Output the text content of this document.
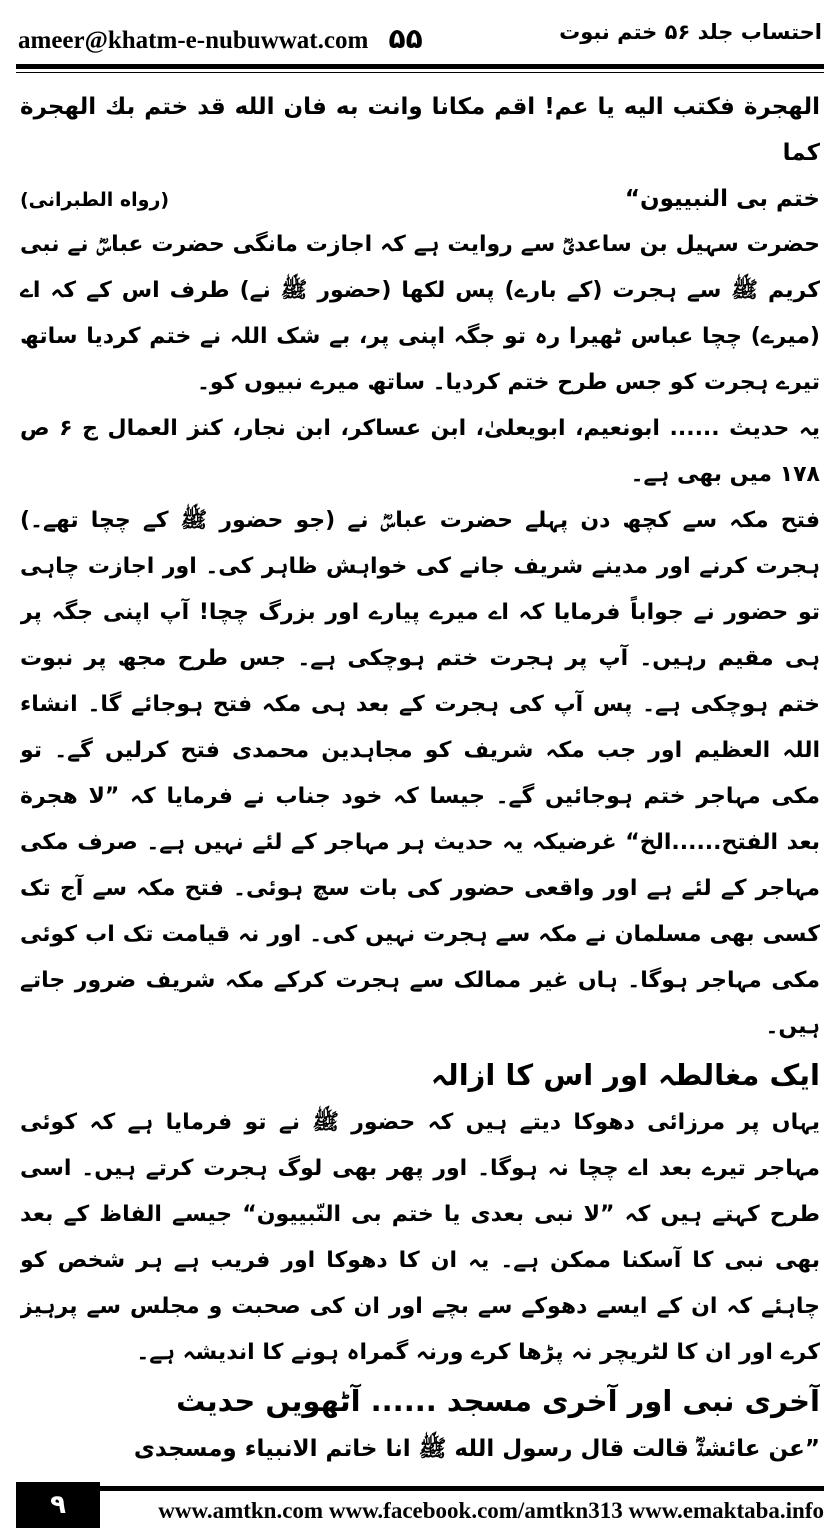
ameer@khatm-e-nubuwwat.com ۵۵	احتساب جلد ۵۶ ختم نبوت

الهجرة فكتب اليه يا عم! اقم مكانا وانت به فان الله قد ختم بك الهجرة كما

ختم بی النبییون“
(رواه الطبرانی)

حضرت سہیل بن ساعدیؓ سے روایت ہے کہ اجازت مانگی حضرت عباسؓ نے نبی کریم ﷺ سے ہجرت (کے بارے) پس لکھا (حضور ﷺ نے) طرف اس کے کہ اے (میرے) چچا عباس ٹھیرا رہ تو جگہ اپنی پر، بے شک اللہ نے ختم کردیا ساتھ تیرے ہجرت کو جس طرح ختم کردیا۔ ساتھ میرے نبیوں کو۔

یہ حدیث ...... ابونعیم، ابویعلیٰ، ابن عساکر، ابن نجار، کنز العمال ج ۶ ص ۱۷۸ میں بھی ہے۔

فتح مکہ سے کچھ دن پہلے حضرت عباسؓ نے (جو حضور ﷺ کے چچا تھے۔) ہجرت کرنے اور مدینے شریف جانے کی خواہش ظاہر کی۔ اور اجازت چاہی تو حضور نے جواباً فرمایا کہ اے میرے پیارے اور بزرگ چچا! آپ اپنی جگہ پر ہی مقیم رہیں۔ آپ پر ہجرت ختم ہوچکی ہے۔ جس طرح مجھ پر نبوت ختم ہوچکی ہے۔ پس آپ کی ہجرت کے بعد ہی مکہ فتح ہوجائے گا۔ انشاء اللہ العظیم اور جب مکہ شریف کو مجاہدین محمدی فتح کرلیں گے۔ تو مکی مہاجر ختم ہوجائیں گے۔ جیسا کہ خود جناب نے فرمایا کہ ”لا هجرة بعد الفتح......الخ“ غرضیکہ یہ حدیث ہر مہاجر کے لئے نہیں ہے۔ صرف مکی مہاجر کے لئے ہے اور واقعی حضور کی بات سچ ہوئی۔ فتح مکہ سے آج تک کسی بھی مسلمان نے مکہ سے ہجرت نہیں کی۔ اور نہ قیامت تک اب کوئی مکی مہاجر ہوگا۔ ہاں غیر ممالک سے ہجرت کرکے مکہ شریف ضرور جاتے ہیں۔

ایک مغالطہ اور اس کا ازالہ

یہاں پر مرزائی دھوکا دیتے ہیں کہ حضور ﷺ نے تو فرمایا ہے کہ کوئی مہاجر تیرے بعد اے چچا نہ ہوگا۔ اور پھر بھی لوگ ہجرت کرتے ہیں۔ اسی طرح کہتے ہیں کہ ”لا نبی بعدی یا ختم بی النّبییون“ جیسے الفاظ کے بعد بھی نبی کا آسکنا ممکن ہے۔ یہ ان کا دھوکا اور فریب ہے ہر شخص کو چاہئے کہ ان کے ایسے دھوکے سے بچے اور ان کی صحبت و مجلس سے پرہیز کرے اور ان کا لٹریچر نہ پڑھا کرے ورنہ گمراہ ہونے کا اندیشہ ہے۔

آخری نبی اور آخری مسجد ...... آٹھویں حدیث

”عن عائشةؓ قالت قال رسول الله ﷺ انا خاتم الانبیاء ومسجدی

۹	www.amtkn.com www.facebook.com/amtkn313 www.emaktaba.info
